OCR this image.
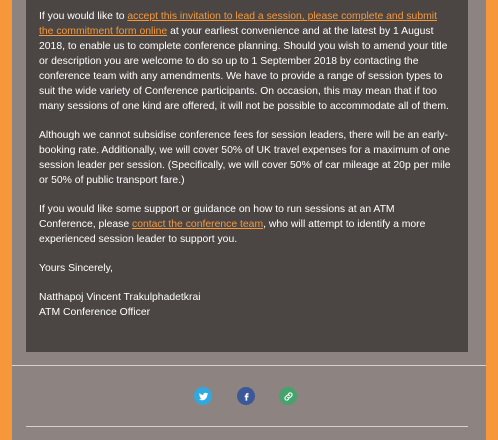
If you would like to accept this invitation to lead a session, please complete and submit the commitment form online at your earliest convenience and at the latest by 1 August 2018, to enable us to complete conference planning. Should you wish to amend your title or description you are welcome to do so up to 1 September 2018 by contacting the conference team with any amendments. We have to provide a range of session types to suit the wide variety of Conference participants. On occasion, this may mean that if too many sessions of one kind are offered, it will not be possible to accommodate all of them.

Although we cannot subsidise conference fees for session leaders, there will be an early-booking rate. Additionally, we will cover 50% of UK travel expenses for a maximum of one session leader per session. (Specifically, we will cover 50% of car mileage at 20p per mile or 50% of public transport fare.)

If you would like some support or guidance on how to run sessions at an ATM Conference, please contact the conference team, who will attempt to identify a more experienced session leader to support you.

Yours Sincerely,

Natthapoj Vincent Trakulphadetkrai
ATM Conference Officer
